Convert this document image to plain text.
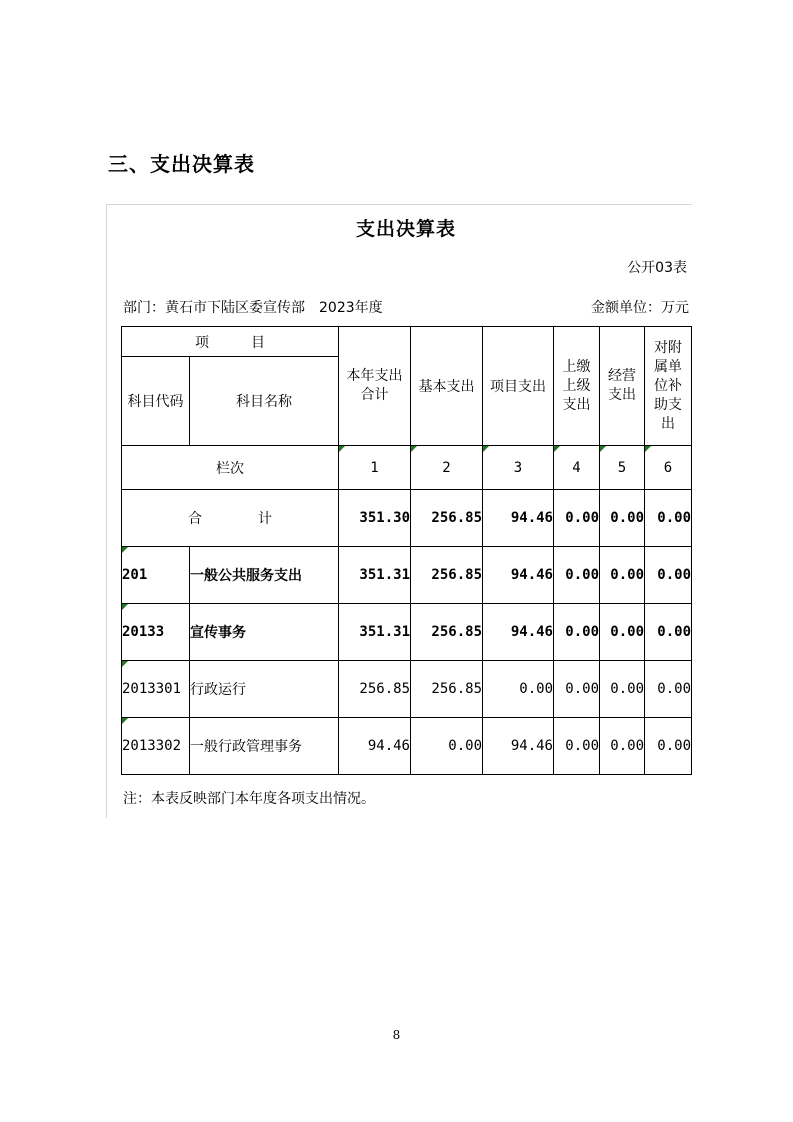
三、支出决算表
支出决算表
公开03表
部门：黄石市下陆区委宣传部 2023年度	金额单位：万元
项　　　目		本年支出合计	基本支出	项目支出	上缴上级支出	经营支出	对附属单位补助支出
科目代码	科目名称						
栏次		1	2	3	4	5	6
合 计		351.30	256.85	94.46	0.00	0.00	0.00
201	一般公共服务支出	351.31	256.85	94.46	0.00	0.00	0.00
20133	宣传事务	351.31	256.85	94.46	0.00	0.00	0.00
2013301	行政运行	256.85	256.85	0.00	0.00	0.00	0.00
2013302	一般行政管理事务	94.46	0.00	94.46	0.00	0.00	0.00
注：本表反映部门本年度各项支出情况。
8
